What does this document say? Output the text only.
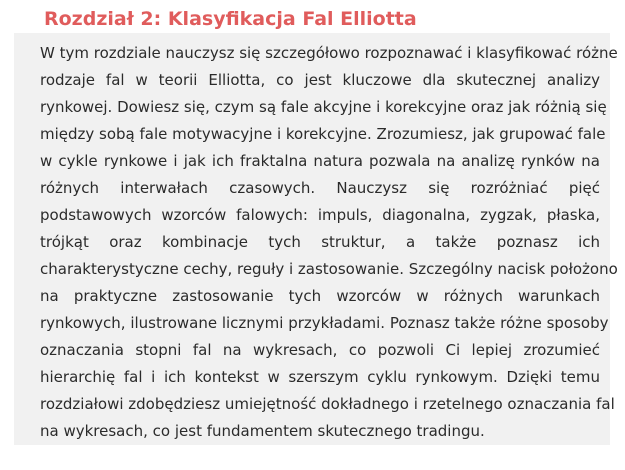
Rozdział 2: Klasyfikacja Fal Elliotta
W tym rozdziale nauczysz się szczegółowo rozpoznawać i klasyfikować różne
rodzaje fal w teorii Elliotta, co jest kluczowe dla skutecznej analizy
rynkowej. Dowiesz się, czym są fale akcyjne i korekcyjne oraz jak różnią się
między sobą fale motywacyjne i korekcyjne. Zrozumiesz, jak grupować fale
w cykle rynkowe i jak ich fraktalna natura pozwala na analizę rynków na
różnych interwałach czasowych. Nauczysz się rozróżniać pięć
podstawowych wzorców falowych: impuls, diagonalna, zygzak, płaska,
trójkąt oraz kombinacje tych struktur, a także poznasz ich
charakterystyczne cechy, reguły i zastosowanie. Szczególny nacisk położono
na praktyczne zastosowanie tych wzorców w różnych warunkach
rynkowych, ilustrowane licznymi przykładami. Poznasz także różne sposoby
oznaczania stopni fal na wykresach, co pozwoli Ci lepiej zrozumieć
hierarchię fal i ich kontekst w szerszym cyklu rynkowym. Dzięki temu
rozdziałowi zdobędziesz umiejętność dokładnego i rzetelnego oznaczania fal
na wykresach, co jest fundamentem skutecznego tradingu.
